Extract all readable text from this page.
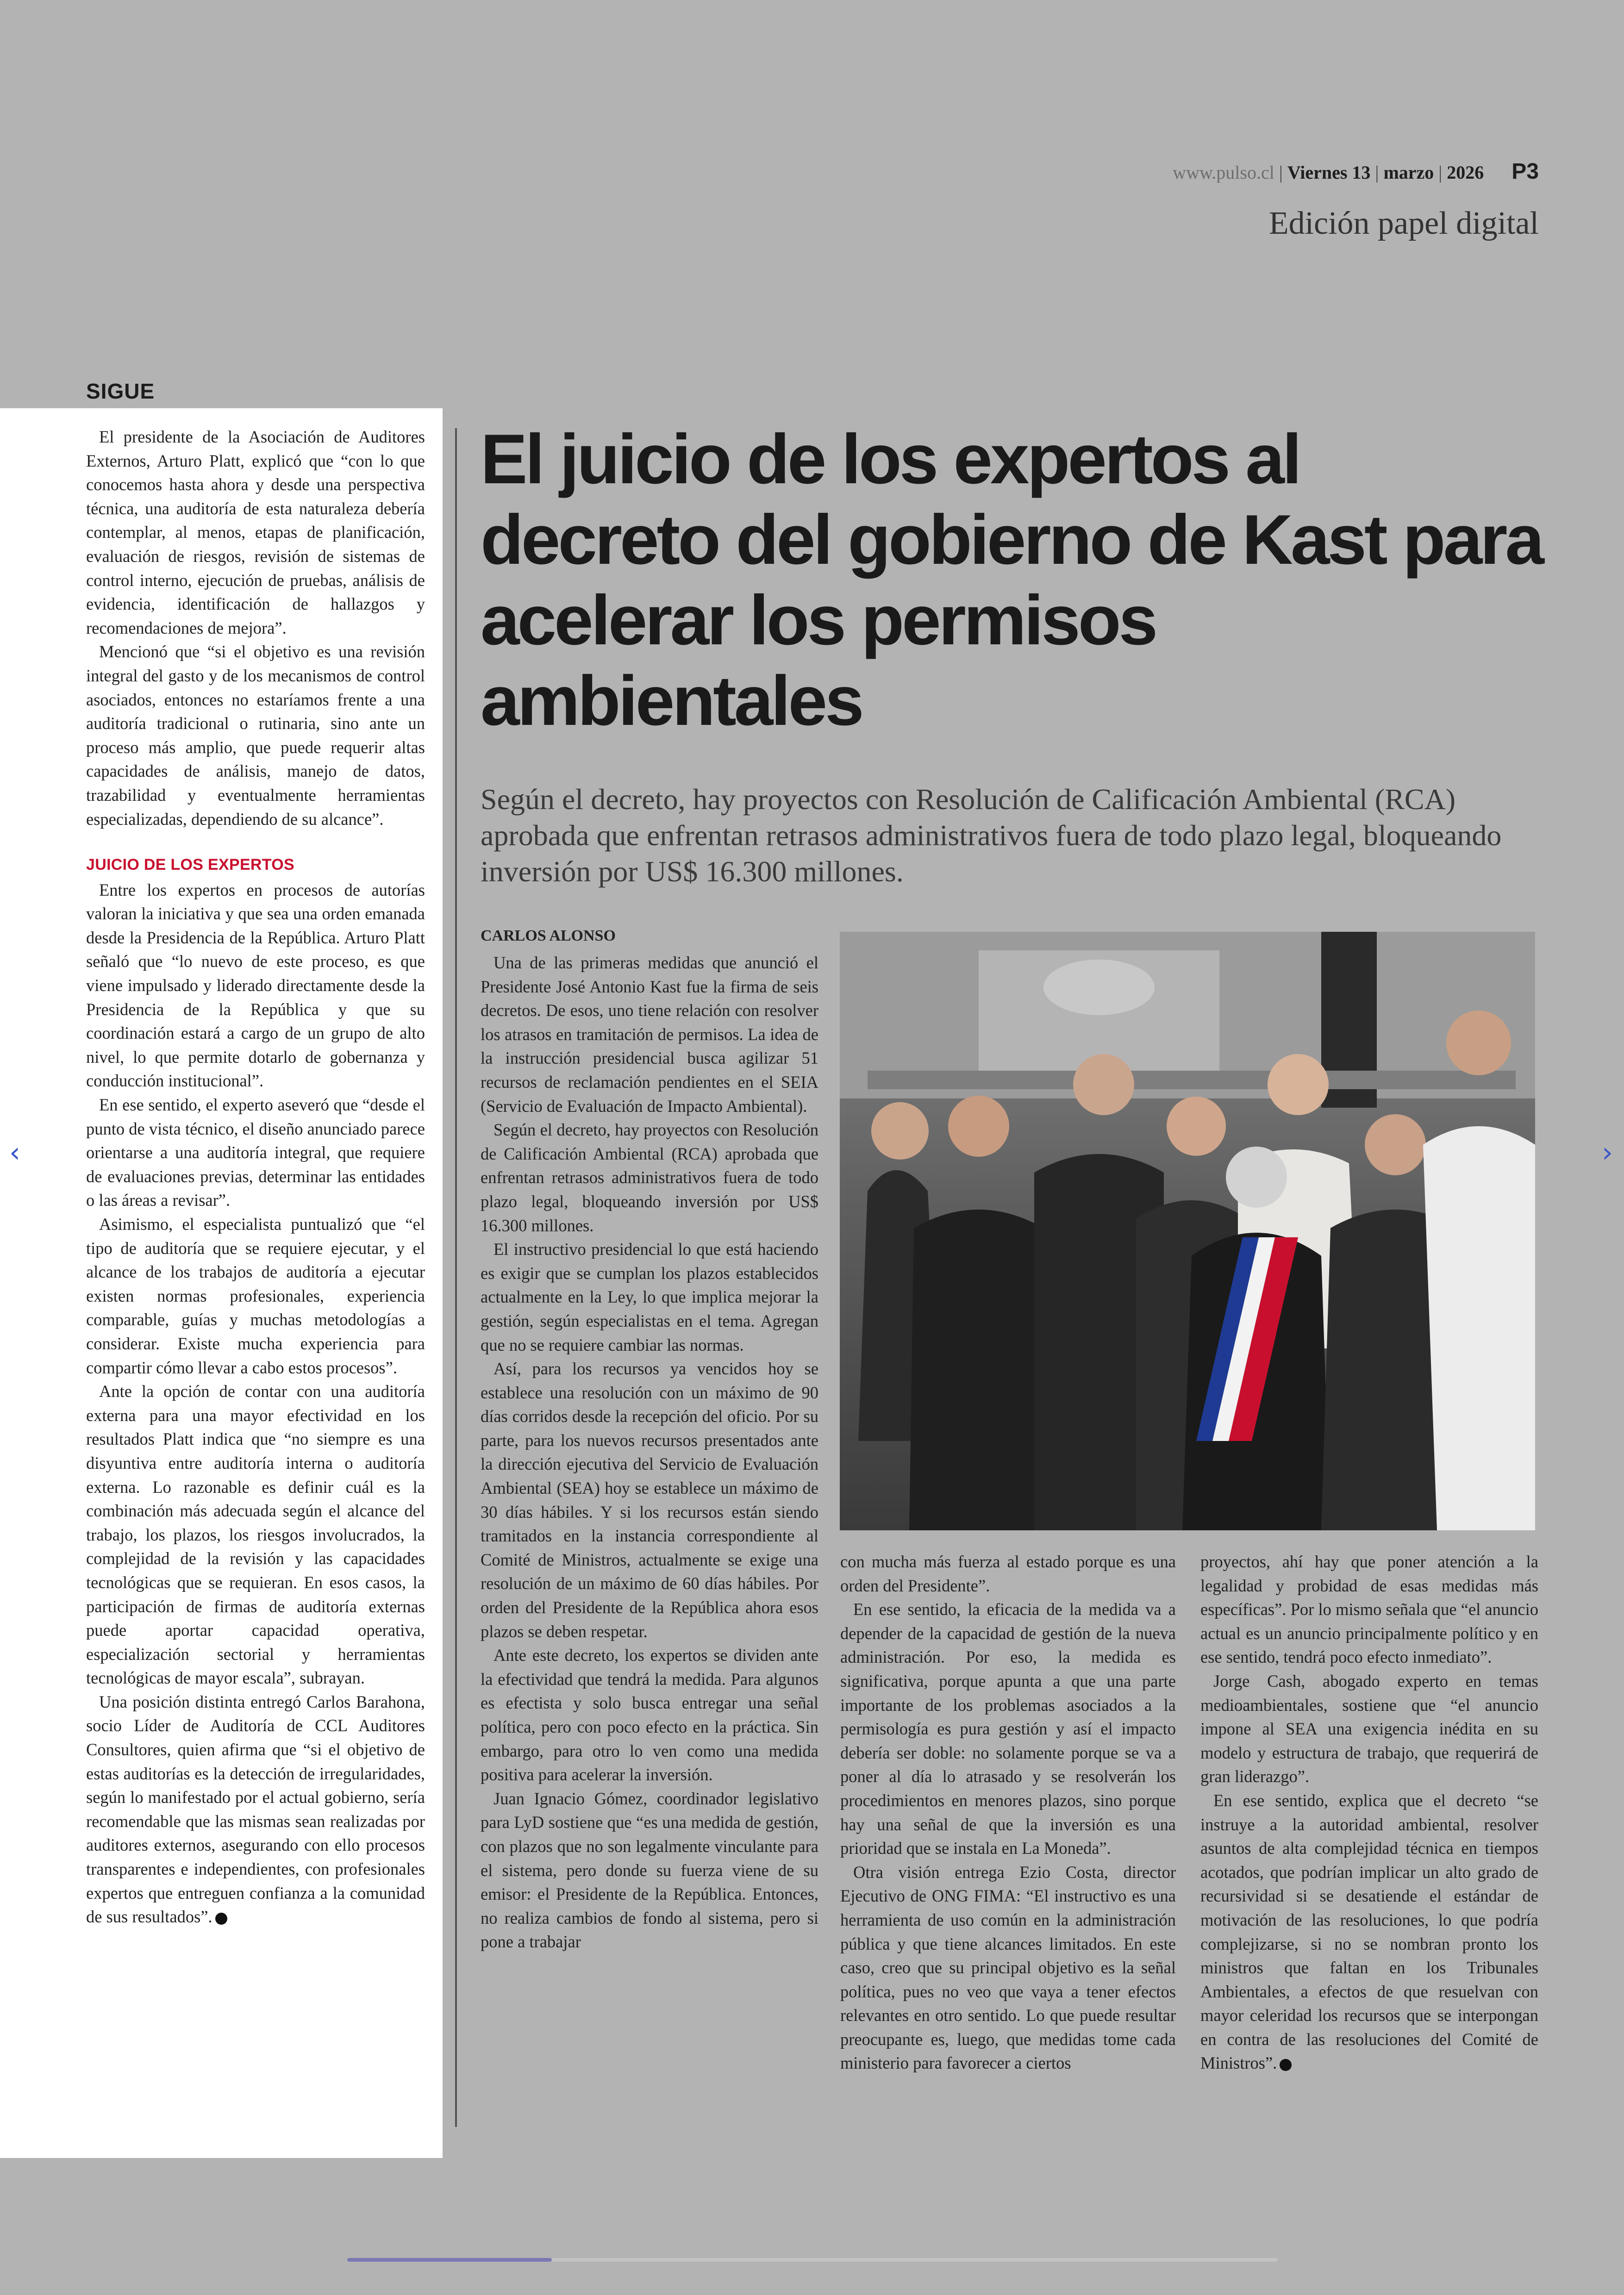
www.pulso.cl | Viernes 13 | marzo | 2026 P3
Edición papel digital
SIGUE

El presidente de la Asociación de Auditores Externos, Arturo Platt, explicó que “con lo que conocemos hasta ahora y desde una perspectiva técnica, una auditoría de esta naturaleza debería contemplar, al menos, etapas de planificación, evaluación de riesgos, revisión de sistemas de control interno, ejecución de pruebas, análisis de evidencia, identificación de hallazgos y recomendaciones de mejora”.

Mencionó que “si el objetivo es una revisión integral del gasto y de los mecanismos de control asociados, entonces no estaríamos frente a una auditoría tradicional o rutinaria, sino ante un proceso más amplio, que puede requerir altas capacidades de análisis, manejo de datos, trazabilidad y eventualmente herramientas especializadas, dependiendo de su alcance”.

JUICIO DE LOS EXPERTOS

Entre los expertos en procesos de autorías valoran la iniciativa y que sea una orden emanada desde la Presidencia de la República. Arturo Platt señaló que “lo nuevo de este proceso, es que viene impulsado y liderado directamente desde la Presidencia de la República y que su coordinación estará a cargo de un grupo de alto nivel, lo que permite dotarlo de gobernanza y conducción institucional”.

En ese sentido, el experto aseveró que “desde el punto de vista técnico, el diseño anunciado parece orientarse a una auditoría integral, que requiere de evaluaciones previas, determinar las entidades o las áreas a revisar”.

Asimismo, el especialista puntualizó que “el tipo de auditoría que se requiere ejecutar, y el alcance de los trabajos de auditoría a ejecutar existen normas profesionales, experiencia comparable, guías y muchas metodologías a considerar. Existe mucha experiencia para compartir cómo llevar a cabo estos procesos”.

Ante la opción de contar con una auditoría externa para una mayor efectividad en los resultados Platt indica que “no siempre es una disyuntiva entre auditoría interna o auditoría externa. Lo razonable es definir cuál es la combinación más adecuada según el alcance del trabajo, los plazos, los riesgos involucrados, la complejidad de la revisión y las capacidades tecnológicas que se requieran. En esos casos, la participación de firmas de auditoría externas puede aportar capacidad operativa, especialización sectorial y herramientas tecnológicas de mayor escala”, subrayan.

Una posición distinta entregó Carlos Barahona, socio Líder de Auditoría de CCL Auditores Consultores, quien afirma que “si el objetivo de estas auditorías es la detección de irregularidades, según lo manifestado por el actual gobierno, sería recomendable que las mismas sean realizadas por auditores externos, asegurando con ello procesos transparentes e independientes, con profesionales expertos que entreguen confianza a la comunidad de sus resultados”.

El juicio de los expertos al decreto del gobierno de Kast para acelerar los permisos ambientales

Según el decreto, hay proyectos con Resolución de Calificación Ambiental (RCA) aprobada que enfrentan retrasos administrativos fuera de todo plazo legal, bloqueando inversión por US$ 16.300 millones.

CARLOS ALONSO

Una de las primeras medidas que anunció el Presidente José Antonio Kast fue la firma de seis decretos. De esos, uno tiene relación con resolver los atrasos en tramitación de permisos. La idea de la instrucción presidencial busca agilizar 51 recursos de reclamación pendientes en el SEIA (Servicio de Evaluación de Impacto Ambiental).

Según el decreto, hay proyectos con Resolución de Calificación Ambiental (RCA) aprobada que enfrentan retrasos administrativos fuera de todo plazo legal, bloqueando inversión por US$ 16.300 millones.

El instructivo presidencial lo que está haciendo es exigir que se cumplan los plazos establecidos actualmente en la Ley, lo que implica mejorar la gestión, según especialistas en el tema. Agregan que no se requiere cambiar las normas.

Así, para los recursos ya vencidos hoy se establece una resolución con un máximo de 90 días corridos desde la recepción del oficio. Por su parte, para los nuevos recursos presentados ante la dirección ejecutiva del Servicio de Evaluación Ambiental (SEA) hoy se establece un máximo de 30 días hábiles. Y si los recursos están siendo tramitados en la instancia correspondiente al Comité de Ministros, actualmente se exige una resolución de un máximo de 60 días hábiles. Por orden del Presidente de la República ahora esos plazos se deben respetar.

Ante este decreto, los expertos se dividen ante la efectividad que tendrá la medida. Para algunos es efectista y solo busca entregar una señal política, pero con poco efecto en la práctica. Sin embargo, para otro lo ven como una medida positiva para acelerar la inversión.

Juan Ignacio Gómez, coordinador legislativo para LyD sostiene que “es una medida de gestión, con plazos que no son legalmente vinculante para el sistema, pero donde su fuerza viene de su emisor: el Presidente de la República. Entonces, no realiza cambios de fondo al sistema, pero si pone a trabajar

con mucha más fuerza al estado porque es una orden del Presidente”.

En ese sentido, la eficacia de la medida va a depender de la capacidad de gestión de la nueva administración. Por eso, la medida es significativa, porque apunta a que una parte importante de los problemas asociados a la permisología es pura gestión y así el impacto debería ser doble: no solamente porque se va a poner al día lo atrasado y se resolverán los procedimientos en menores plazos, sino porque hay una señal de que la inversión es una prioridad que se instala en La Moneda”.

Otra visión entrega Ezio Costa, director Ejecutivo de ONG FIMA: “El instructivo es una herramienta de uso común en la administración pública y que tiene alcances limitados. En este caso, creo que su principal objetivo es la señal política, pues no veo que vaya a tener efectos relevantes en otro sentido. Lo que puede resultar preocupante es, luego, que medidas tome cada ministerio para favorecer a ciertos

proyectos, ahí hay que poner atención a la legalidad y probidad de esas medidas más específicas”. Por lo mismo señala que “el anuncio actual es un anuncio principalmente político y en ese sentido, tendrá poco efecto inmediato”.

Jorge Cash, abogado experto en temas medioambientales, sostiene que “el anuncio impone al SEA una exigencia inédita en su modelo y estructura de trabajo, que requerirá de gran liderazgo”.

En ese sentido, explica que el decreto “se instruye a la autoridad ambiental, resolver asuntos de alta complejidad técnica en tiempos acotados, que podrían implicar un alto grado de recursividad si se desatiende el estándar de motivación de las resoluciones, lo que podría complejizarse, si no se nombran pronto los ministros que faltan en los Tribunales Ambientales, a efectos de que resuelvan con mayor celeridad los recursos que se interpongan en contra de las resoluciones del Comité de Ministros”.

‹	›
